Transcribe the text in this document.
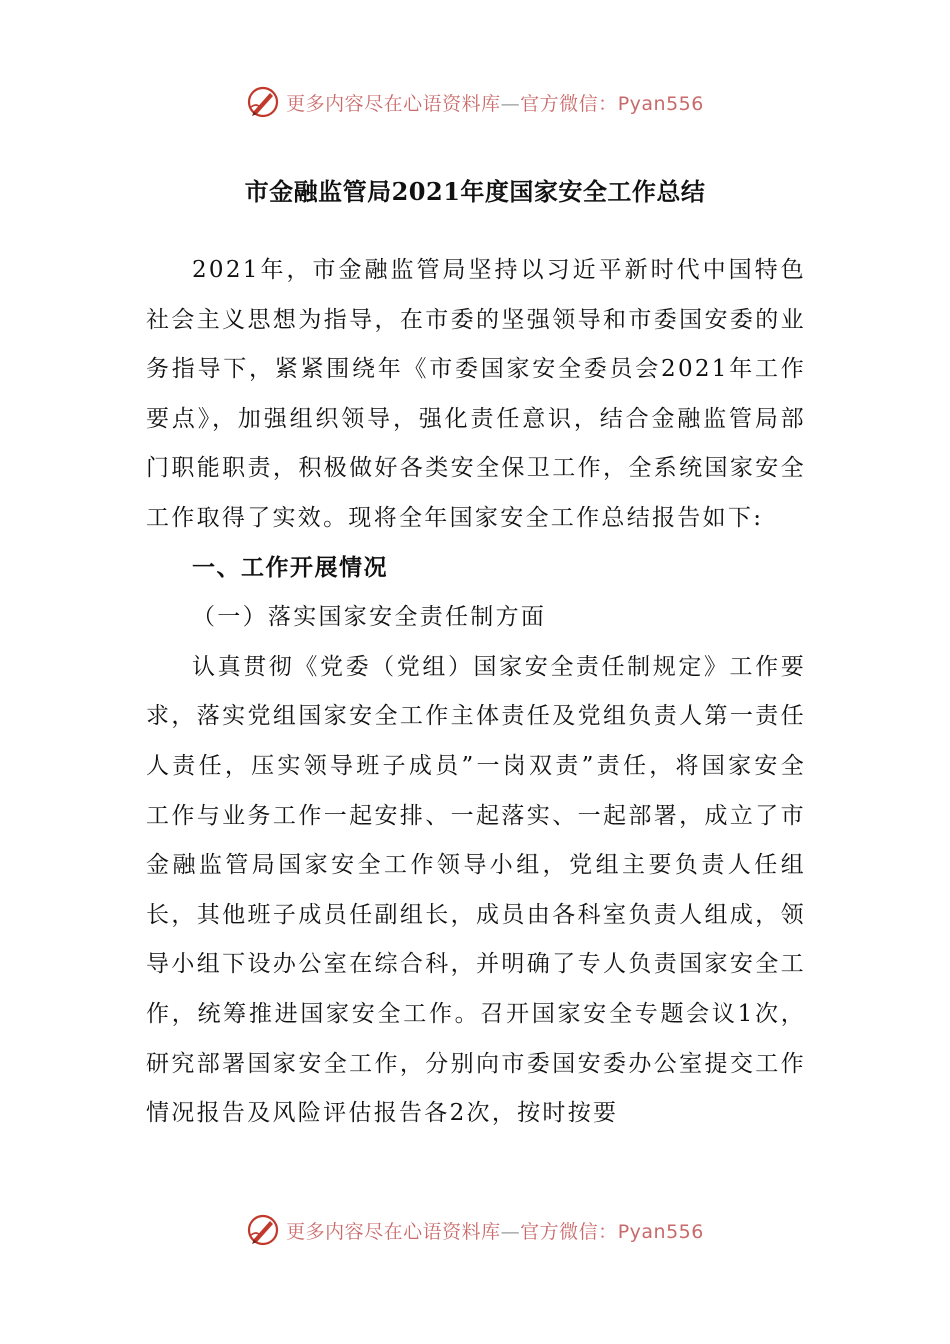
更多内容尽在心语资料库—官方微信：Pyan556
市金融监管局2021年度国家安全工作总结

2021年，市金融监管局坚持以习近平新时代中国特色社会主义思想为指导，在市委的坚强领导和市委国安委的业务指导下，紧紧围绕年《市委国家安全委员会2021年工作要点》，加强组织领导，强化责任意识，结合金融监管局部门职能职责，积极做好各类安全保卫工作，全系统国家安全工作取得了实效。现将全年国家安全工作总结报告如下:

一、工作开展情况

（一）落实国家安全责任制方面

认真贯彻《党委（党组）国家安全责任制规定》工作要求，落实党组国家安全工作主体责任及党组负责人第一责任人责任，压实领导班子成员”一岗双责”责任，将国家安全工作与业务工作一起安排、一起落实、一起部署，成立了市金融监管局国家安全工作领导小组，党组主要负责人任组长，其他班子成员任副组长，成员由各科室负责人组成，领导小组下设办公室在综合科，并明确了专人负责国家安全工作，统筹推进国家安全工作。召开国家安全专题会议1次，研究部署国家安全工作，分别向市委国安委办公室提交工作情况报告及风险评估报告各2次，按时按要

更多内容尽在心语资料库—官方微信：Pyan556
